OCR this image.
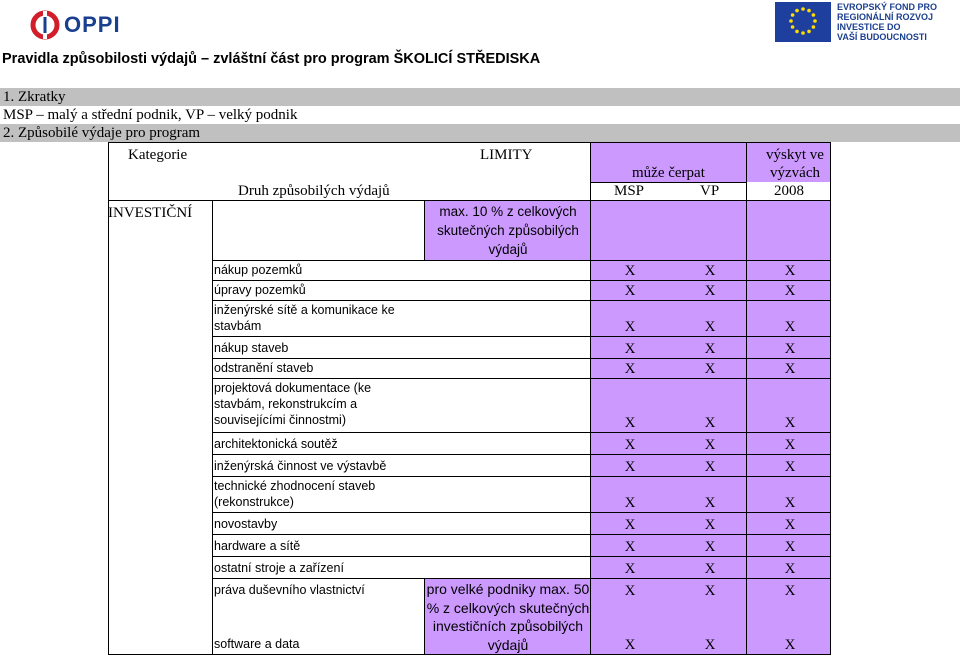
OPPI
EVROPSKÝ FOND PRO
REGIONÁLNÍ ROZVOJ
INVESTICE DO
VAŠÍ BUDOUCNOSTI
Pravidla způsobilosti výdajů – zvláštní část pro program ŠKOLICÍ STŘEDISKA
1. Zkratky
MSP – malý a střední podnik, VP – velký podnik
2. Způsobilé výdaje pro program
Kategorie	LIMITY	výskyt ve výzvách
může čerpat
Druh způsobilých výdajů	MSP	VP	2008
INVESTIČNÍ	max. 10 % z celkových skutečných způsobilých výdajů
pro velké podniky max. 50 % z celkových skutečných investičních způsobilých výdajů
nákup pozemků	X	X	X
úpravy pozemků	X	X	X
inženýrské sítě a komunikace ke stavbám	X	X	X
nákup staveb	X	X	X
odstranění staveb	X	X	X
projektová dokumentace (ke stavbám, rekonstrukcím a souvisejícími činnostmi)	X	X	X
architektonická soutěž	X	X	X
inženýrská činnost ve výstavbě	X	X	X
technické zhodnocení staveb (rekonstrukce)	X	X	X
novostavby	X	X	X
hardware a sítě	X	X	X
ostatní stroje a zařízení	X	X	X
práva duševního vlastnictví	X	X	X
software a data	X	X	X
